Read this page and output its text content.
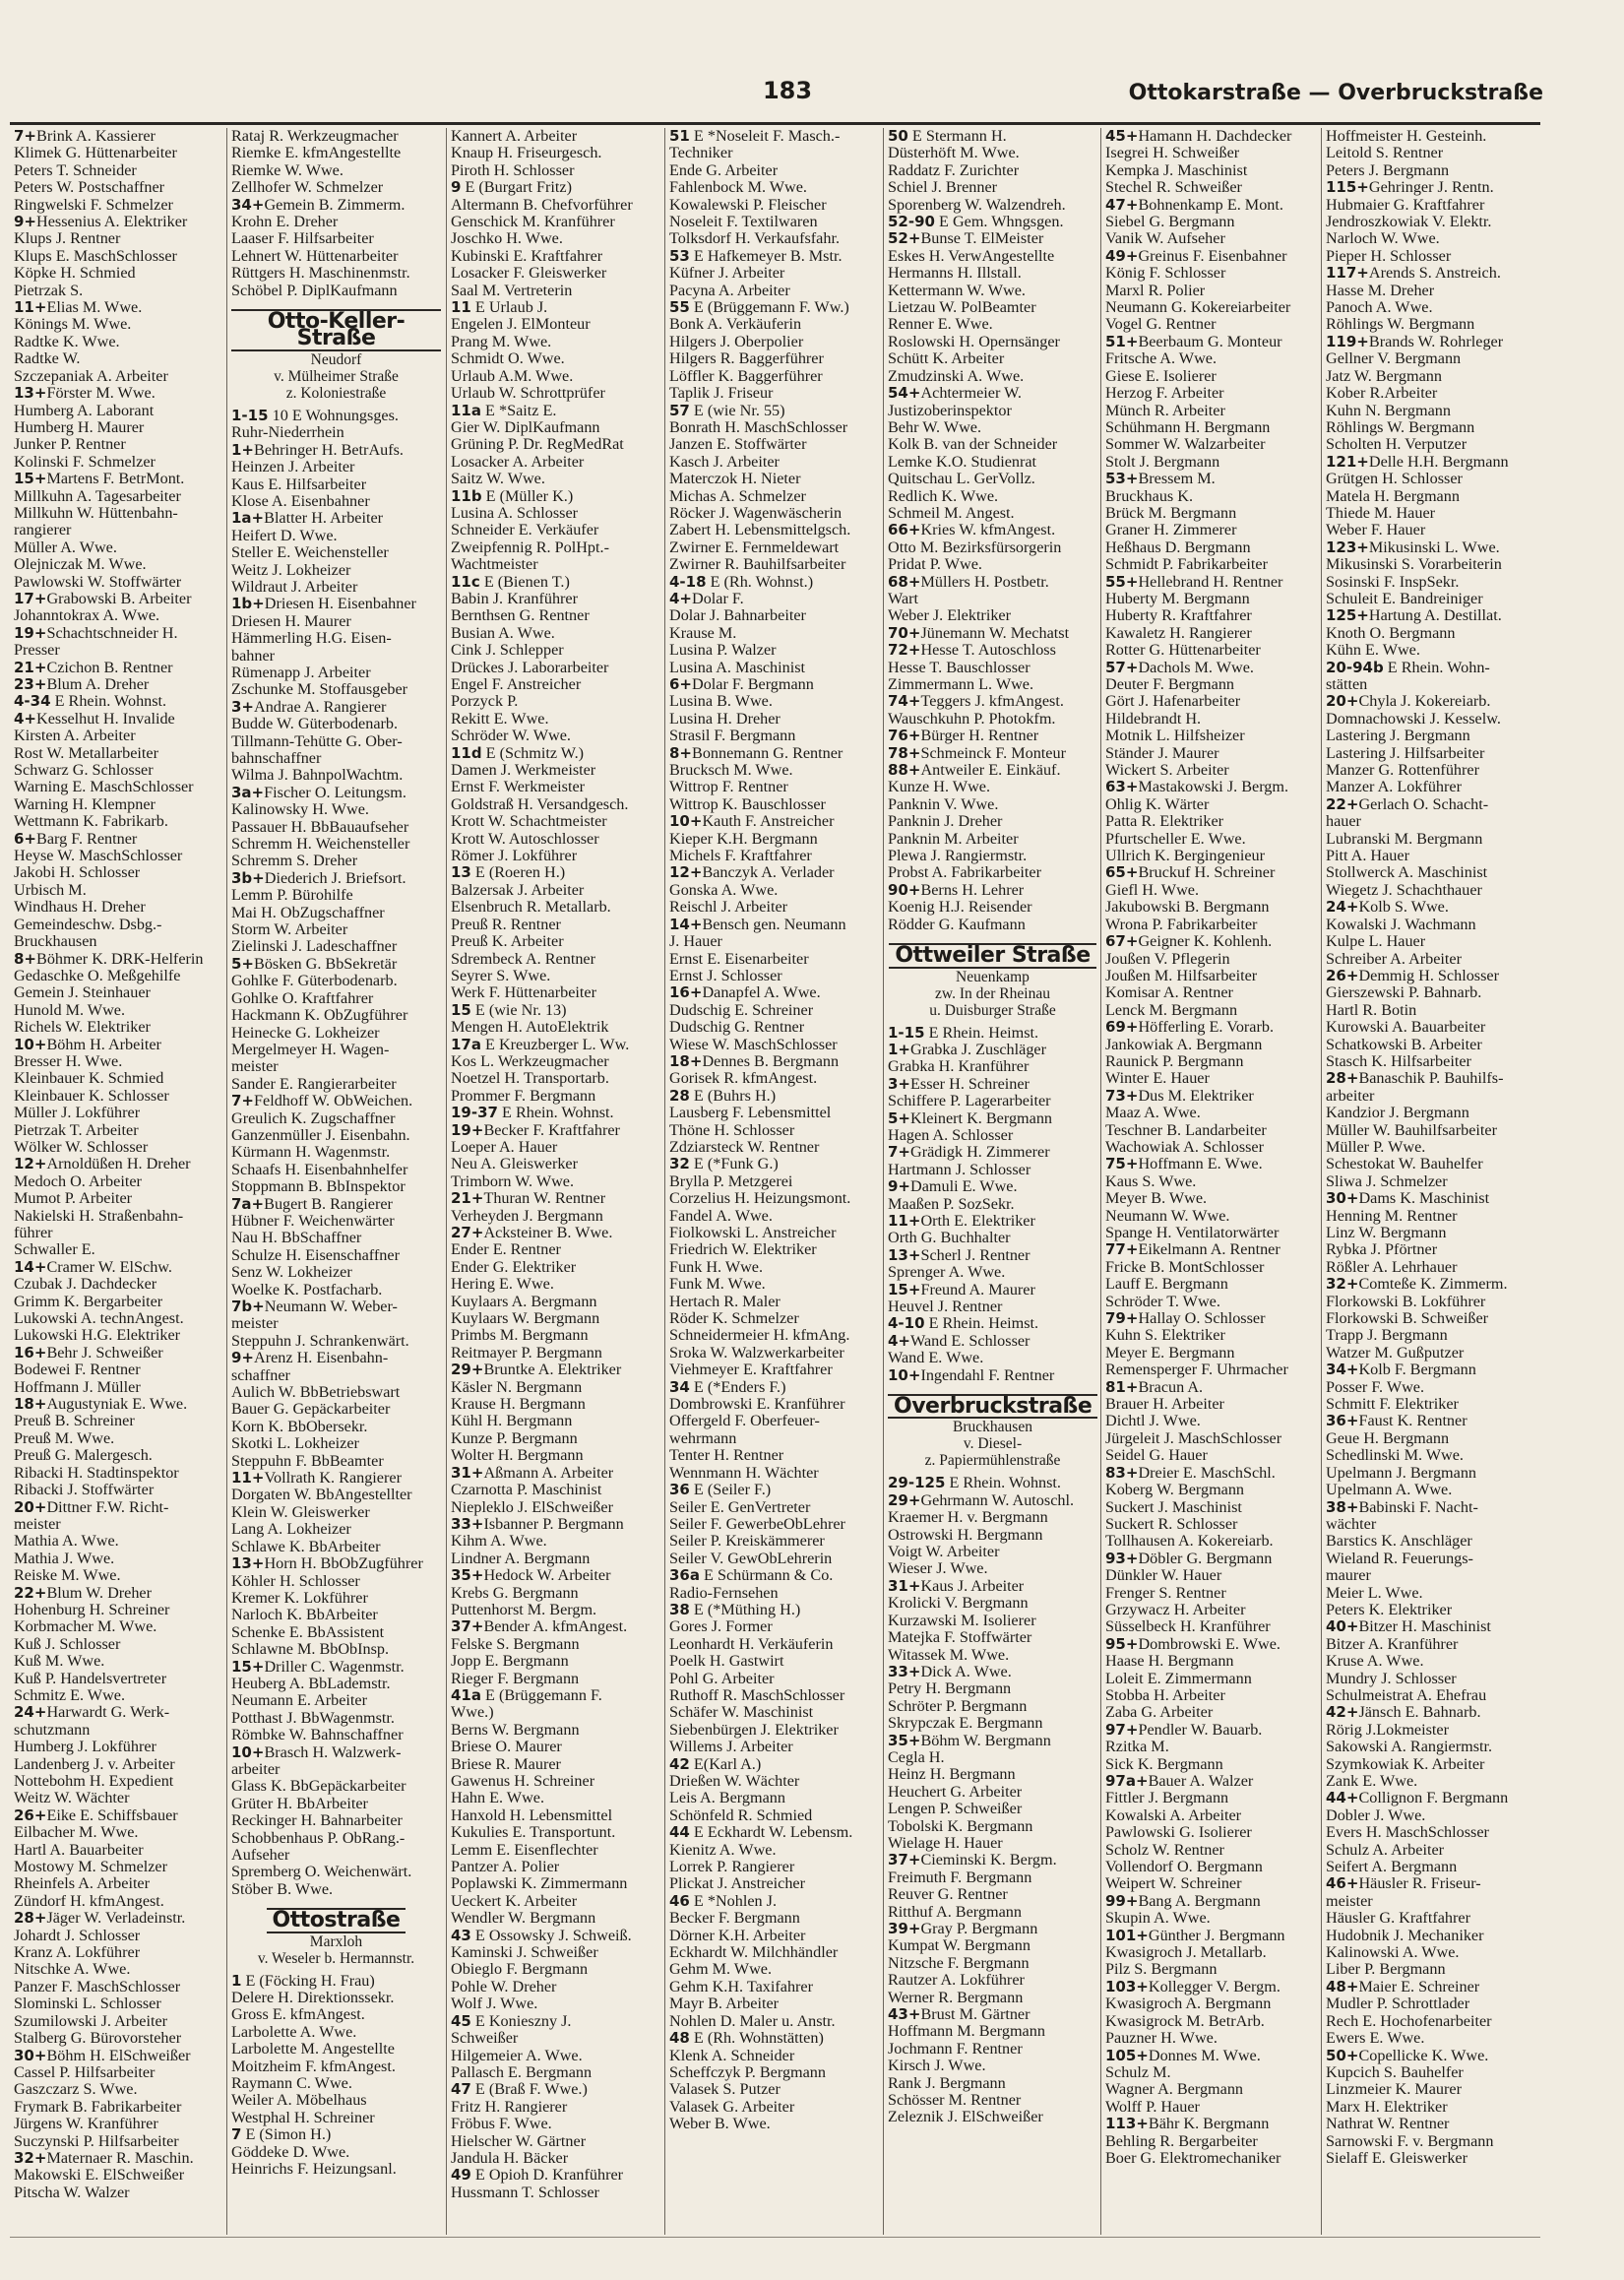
183	Ottokarstraße — Overbruckstraße
7+Brink A. Kassierer
Klimek G. Hüttenarbeiter
Peters T. Schneider
Peters W. Postschaffner
Ringwelski F. Schmelzer
9+Hessenius A. Elektriker
Klups J. Rentner
Klups E. MaschSchlosser
Köpke H. Schmied
Pietrzak S.
11+Elias M. Wwe.
Könings M. Wwe.
Radtke K. Wwe.
Radtke W.
Szczepaniak A. Arbeiter
13+Förster M. Wwe.
Humberg A. Laborant
Humberg H. Maurer
Junker P. Rentner
Kolinski F. Schmelzer
15+Martens F. BetrMont.
Millkuhn A. Tagesarbeiter
Millkuhn W. Hüttenbahn-
rangierer
Müller A. Wwe.
Olejniczak M. Wwe.
Pawlowski W. Stoffwärter
17+Grabowski B. Arbeiter
Johanntokrax A. Wwe.
19+Schachtschneider H.
Presser
21+Czichon B. Rentner
23+Blum A. Dreher
4-34 E Rhein. Wohnst.
4+Kesselhut H. Invalide
Kirsten A. Arbeiter
Rost W. Metallarbeiter
Schwarz G. Schlosser
Warning E. MaschSchlosser
Warning H. Klempner
Wettmann K. Fabrikarb.
6+Barg F. Rentner
Heyse W. MaschSchlosser
Jakobi H. Schlosser
Urbisch M.
Windhaus H. Dreher
Gemeindeschw. Dsbg.-
Bruckhausen
8+Böhmer K. DRK-Helferin
Gedaschke O. Meßgehilfe
Gemein J. Steinhauer
Hunold M. Wwe.
Richels W. Elektriker
10+Böhm H. Arbeiter
Bresser H. Wwe.
Kleinbauer K. Schmied
Kleinbauer K. Schlosser
Müller J. Lokführer
Pietrzak T. Arbeiter
Wölker W. Schlosser
12+Arnoldüßen H. Dreher
Medoch O. Arbeiter
Mumot P. Arbeiter
Nakielski H. Straßenbahn-
führer
Schwaller E.
14+Cramer W. ElSchw.
Czubak J. Dachdecker
Grimm K. Bergarbeiter
Lukowski A. technAngest.
Lukowski H.G. Elektriker
16+Behr J. Schweißer
Bodewei F. Rentner
Hoffmann J. Müller
18+Augustyniak E. Wwe.
Preuß B. Schreiner
Preuß M. Wwe.
Preuß G. Malergesch.
Ribacki H. Stadtinspektor
Ribacki J. Stoffwärter
20+Dittner F.W. Richt-
meister
Mathia A. Wwe.
Mathia J. Wwe.
Reiske M. Wwe.
22+Blum W. Dreher
Hohenburg H. Schreiner
Korbmacher M. Wwe.
Kuß J. Schlosser
Kuß M. Wwe.
Kuß P. Handelsvertreter
Schmitz E. Wwe.
24+Harwardt G. Werk-
schutzmann
Humberg J. Lokführer
Landenberg J. v. Arbeiter
Nottebohm H. Expedient
Weitz W. Wächter
26+Eike E. Schiffsbauer
Eilbacher M. Wwe.
Hartl A. Bauarbeiter
Mostowy M. Schmelzer
Rheinfels A. Arbeiter
Zündorf H. kfmAngest.
28+Jäger W. Verladeinstr.
Johardt J. Schlosser
Kranz A. Lokführer
Nitschke A. Wwe.
Panzer F. MaschSchlosser
Slominski L. Schlosser
Szumilowski J. Arbeiter
Stalberg G. Bürovorsteher
30+Böhm H. ElSchweißer
Cassel P. Hilfsarbeiter
Gaszczarz S. Wwe.
Frymark B. Fabrikarbeiter
Jürgens W. Kranführer
Suczynski P. Hilfsarbeiter
32+Maternaer R. Maschin.
Makowski E. ElSchweißer
Pitscha W. Walzer
Rataj R. Werkzeugmacher
Riemke E. kfmAngestellte
Riemke W. Wwe.
Zellhofer W. Schmelzer
34+Gemein B. Zimmerm.
Krohn E. Dreher
Laaser F. Hilfsarbeiter
Lehnert W. Hüttenarbeiter
Rüttgers H. Maschinenmstr.
Schöbel P. DiplKaufmann
Otto-Keller-Straße
Neudorf
v. Mülheimer Straße
z. Koloniestraße
1-15 10 E Wohnungsges.
Ruhr-Niederrhein
1+Behringer H. BetrAufs.
Heinzen J. Arbeiter
Kaus E. Hilfsarbeiter
Klose A. Eisenbahner
1a+Blatter H. Arbeiter
Heifert D. Wwe.
Steller E. Weichensteller
Weitz J. Lokheizer
Wildraut J. Arbeiter
1b+Driesen H. Eisenbahner
Driesen H. Maurer
Hämmerling H.G. Eisen-
bahner
Rümenapp J. Arbeiter
Zschunke M. Stoffausgeber
3+Andrae A. Rangierer
Budde W. Güterbodenarb.
Tillmann-Tehütte G. Ober-
bahnschaffner
Wilma J. BahnpolWachtm.
3a+Fischer O. Leitungsm.
Kalinowsky H. Wwe.
Passauer H. BbBauaufseher
Schremm H. Weichensteller
Schremm S. Dreher
3b+Diederich J. Briefsort.
Lemm P. Bürohilfe
Mai H. ObZugschaffner
Storm W. Arbeiter
Zielinski J. Ladeschaffner
5+Bösken G. BbSekretär
Gohlke F. Güterbodenarb.
Gohlke O. Kraftfahrer
Hackmann K. ObZugführer
Heinecke G. Lokheizer
Mergelmeyer H. Wagen-
meister
Sander E. Rangierarbeiter
7+Feldhoff W. ObWeichen.
Greulich K. Zugschaffner
Ganzenmüller J. Eisenbahn.
Kürmann H. Wagenmstr.
Schaafs H. Eisenbahnhelfer
Stoppmann B. BbInspektor
7a+Bugert B. Rangierer
Hübner F. Weichenwärter
Nau H. BbSchaffner
Schulze H. Eisenschaffner
Senz W. Lokheizer
Woelke K. Postfacharb.
7b+Neumann W. Weber-
meister
Steppuhn J. Schrankenwärt.
9+Arenz H. Eisenbahn-
schaffner
Aulich W. BbBetriebswart
Bauer G. Gepäckarbeiter
Korn K. BbObersekr.
Skotki L. Lokheizer
Steppuhn F. BbBeamter
11+Vollrath K. Rangierer
Dorgaten W. BbAngestellter
Klein W. Gleiswerker
Lang A. Lokheizer
Schlawe K. BbArbeiter
13+Horn H. BbObZugführer
Köhler H. Schlosser
Kremer K. Lokführer
Narloch K. BbArbeiter
Schenke E. BbAssistent
Schlawne M. BbObInsp.
15+Driller C. Wagenmstr.
Heuberg A. BbLademstr.
Neumann E. Arbeiter
Potthast J. BbWagenmstr.
Römbke W. Bahnschaffner
10+Brasch H. Walzwerk-
arbeiter
Glass K. BbGepäckarbeiter
Grüter H. BbArbeiter
Reckinger H. Bahnarbeiter
Schobbenhaus P. ObRang.-
Aufseher
Spremberg O. Weichenwärt.
Stöber B. Wwe.
Ottostraße
Marxloh
v. Weseler b. Hermannstr.
1 E (Föcking H. Frau)
Delere H. Direktionssekr.
Gross E. kfmAngest.
Larbolette A. Wwe.
Larbolette M. Angestellte
Moitzheim F. kfmAngest.
Raymann C. Wwe.
Weiler A. Möbelhaus
Westphal H. Schreiner
7 E (Simon H.)
Göddeke D. Wwe.
Heinrichs F. Heizungsanl.
Kannert A. Arbeiter
Knaup H. Friseurgesch.
Piroth H. Schlosser
9 E (Burgart Fritz)
Altermann B. Chefvorführer
Genschick M. Kranführer
Joschko H. Wwe.
Kubinski E. Kraftfahrer
Losacker F. Gleiswerker
Saal M. Vertreterin
11 E Urlaub J.
Engelen J. ElMonteur
Prang M. Wwe.
Schmidt O. Wwe.
Urlaub A.M. Wwe.
Urlaub W. Schrottprüfer
11a E *Saitz E.
Gier W. DiplKaufmann
Grüning P. Dr. RegMedRat
Losacker A. Arbeiter
Saitz W. Wwe.
11b E (Müller K.)
Lusina A. Schlosser
Schneider E. Verkäufer
Zweipfennig R. PolHpt.-
Wachtmeister
11c E (Bienen T.)
Babin J. Kranführer
Bernthsen G. Rentner
Busian A. Wwe.
Cink J. Schlepper
Drückes J. Laborarbeiter
Engel F. Anstreicher
Porzyck P.
Rekitt E. Wwe.
Schröder W. Wwe.
11d E (Schmitz W.)
Damen J. Werkmeister
Ernst F. Werkmeister
Goldstraß H. Versandgesch.
Krott W. Schachtmeister
Krott W. Autoschlosser
Römer J. Lokführer
13 E (Roeren H.)
Balzersak J. Arbeiter
Elsenbruch R. Metallarb.
Preuß R. Rentner
Preuß K. Arbeiter
Sdrembeck A. Rentner
Seyrer S. Wwe.
Werk F. Hüttenarbeiter
15 E (wie Nr. 13)
Mengen H. AutoElektrik
17a E Kreuzberger L. Ww.
Kos L. Werkzeugmacher
Noetzel H. Transportarb.
Prommer F. Bergmann
19-37 E Rhein. Wohnst.
19+Becker F. Kraftfahrer
Loeper A. Hauer
Neu A. Gleiswerker
Trimborn W. Wwe.
21+Thuran W. Rentner
Verheyden J. Bergmann
27+Acksteiner B. Wwe.
Ender E. Rentner
Ender G. Elektriker
Hering E. Wwe.
Kuylaars A. Bergmann
Kuylaars W. Bergmann
Primbs M. Bergmann
Reitmayer P. Bergmann
29+Bruntke A. Elektriker
Käsler N. Bergmann
Krause H. Bergmann
Kühl H. Bergmann
Kunze P. Bergmann
Wolter H. Bergmann
31+Aßmann A. Arbeiter
Czarnotta P. Maschinist
Niepleklo J. ElSchweißer
33+Isbanner P. Bergmann
Kihm A. Wwe.
Lindner A. Bergmann
35+Hedock W. Arbeiter
Krebs G. Bergmann
Puttenhorst M. Bergm.
37+Bender A. kfmAngest.
Felske S. Bergmann
Jopp E. Bergmann
Rieger F. Bergmann
41a E (Brüggemann F.
Wwe.)
Berns W. Bergmann
Briese O. Maurer
Briese R. Maurer
Gawenus H. Schreiner
Hahn E. Wwe.
Hanxold H. Lebensmittel
Kukulies E. Transportunt.
Lemm E. Eisenflechter
Pantzer A. Polier
Poplawski K. Zimmermann
Ueckert K. Arbeiter
Wendler W. Bergmann
43 E Ossowsky J. Schweiß.
Kaminski J. Schweißer
Obieglo F. Bergmann
Pohle W. Dreher
Wolf J. Wwe.
45 E Konieszny J.
Schweißer
Hilgemeier A. Wwe.
Pallasch E. Bergmann
47 E (Braß F. Wwe.)
Fritz H. Rangierer
Fröbus F. Wwe.
Hielscher W. Gärtner
Jandula H. Bäcker
49 E Opioh D. Kranführer
Hussmann T. Schlosser
51 E *Noseleit F. Masch.-
Techniker
Ende G. Arbeiter
Fahlenbock M. Wwe.
Kowalewski P. Fleischer
Noseleit F. Textilwaren
Tolksdorf H. Verkaufsfahr.
53 E Hafkemeyer B. Mstr.
Küfner J. Arbeiter
Pacyna A. Arbeiter
55 E (Brüggemann F. Ww.)
Bonk A. Verkäuferin
Hilgers J. Oberpolier
Hilgers R. Baggerführer
Löffler K. Baggerführer
Taplik J. Friseur
57 E (wie Nr. 55)
Bonrath H. MaschSchlosser
Janzen E. Stoffwärter
Kasch J. Arbeiter
Materczok H. Nieter
Michas A. Schmelzer
Röcker J. Wagenwäscherin
Zabert H. Lebensmittelgsch.
Zwirner E. Fernmeldewart
Zwirner R. Bauhilfsarbeiter
4-18 E (Rh. Wohnst.)
4+Dolar F.
Dolar J. Bahnarbeiter
Krause M.
Lusina P. Walzer
Lusina A. Maschinist
6+Dolar F. Bergmann
Lusina B. Wwe.
Lusina H. Dreher
Strasil F. Bergmann
8+Bonnemann G. Rentner
Brucksch M. Wwe.
Wittrop F. Rentner
Wittrop K. Bauschlosser
10+Kauth F. Anstreicher
Kieper K.H. Bergmann
Michels F. Kraftfahrer
12+Banczyk A. Verlader
Gonska A. Wwe.
Reischl J. Arbeiter
14+Bensch gen. Neumann
J. Hauer
Ernst E. Eisenarbeiter
Ernst J. Schlosser
16+Danapfel A. Wwe.
Dudschig E. Schreiner
Dudschig G. Rentner
Wiese W. MaschSchlosser
18+Dennes B. Bergmann
Gorisek R. kfmAngest.
28 E (Buhrs H.)
Lausberg F. Lebensmittel
Thöne H. Schlosser
Zdziarsteck W. Rentner
32 E (*Funk G.)
Brylla P. Metzgerei
Corzelius H. Heizungsmont.
Fandel A. Wwe.
Fiolkowski L. Anstreicher
Friedrich W. Elektriker
Funk H. Wwe.
Funk M. Wwe.
Hertach R. Maler
Röder K. Schmelzer
Schneidermeier H. kfmAng.
Sroka W. Walzwerkarbeiter
Viehmeyer E. Kraftfahrer
34 E (*Enders F.)
Dombrowski E. Kranführer
Offergeld F. Oberfeuer-
wehrmann
Tenter H. Rentner
Wennmann H. Wächter
36 E (Seiler F.)
Seiler E. GenVertreter
Seiler F. GewerbeObLehrer
Seiler P. Kreiskämmerer
Seiler V. GewObLehrerin
36a E Schürmann & Co.
Radio-Fernsehen
38 E (*Müthing H.)
Gores J. Former
Leonhardt H. Verkäuferin
Poelk H. Gastwirt
Pohl G. Arbeiter
Ruthoff R. MaschSchlosser
Schäfer W. Maschinist
Siebenbürgen J. Elektriker
Willems J. Arbeiter
42 E(Karl A.)
Drießen W. Wächter
Leis A. Bergmann
Schönfeld R. Schmied
44 E Eckhardt W. Lebensm.
Kienitz A. Wwe.
Lorrek P. Rangierer
Plickat J. Anstreicher
46 E *Nohlen J.
Becker F. Bergmann
Dörner K.H. Arbeiter
Eckhardt W. Milchhändler
Gehm M. Wwe.
Gehm K.H. Taxifahrer
Mayr B. Arbeiter
Nohlen D. Maler u. Anstr.
48 E (Rh. Wohnstätten)
Klenk A. Schneider
Scheffczyk P. Bergmann
Valasek S. Putzer
Valasek G. Arbeiter
Weber B. Wwe.
50 E Stermann H.
Düsterhöft M. Wwe.
Raddatz F. Zurichter
Schiel J. Brenner
Sporenberg W. Walzendreh.
52-90 E Gem. Whngsgen.
52+Bunse T. ElMeister
Eskes H. VerwAngestellte
Hermanns H. Illstall.
Kettermann W. Wwe.
Lietzau W. PolBeamter
Renner E. Wwe.
Roslowski H. Opernsänger
Schütt K. Arbeiter
Zmudzinski A. Wwe.
54+Achtermeier W.
Justizoberinspektor
Behr W. Wwe.
Kolk B. van der Schneider
Lemke K.O. Studienrat
Quitschau L. GerVollz.
Redlich K. Wwe.
Schmeil M. Angest.
66+Kries W. kfmAngest.
Otto M. Bezirksfürsorgerin
Pridat P. Wwe.
68+Müllers H. Postbetr.
Wart
Weber J. Elektriker
70+Jünemann W. Mechatst
72+Hesse T. Autoschloss
Hesse T. Bauschlosser
Zimmermann L. Wwe.
74+Teggers J. kfmAngest.
Wauschkuhn P. Photokfm.
76+Bürger H. Rentner
78+Schmeinck F. Monteur
88+Antweiler E. Einkäuf.
Kunze H. Wwe.
Panknin V. Wwe.
Panknin J. Dreher
Panknin M. Arbeiter
Plewa J. Rangiermstr.
Probst A. Fabrikarbeiter
90+Berns H. Lehrer
Koenig H.J. Reisender
Rödder G. Kaufmann
Ottweiler Straße
Neuenkamp
zw. In der Rheinau
u. Duisburger Straße
1-15 E Rhein. Heimst.
1+Grabka J. Zuschläger
Grabka H. Kranführer
3+Esser H. Schreiner
Schiffere P. Lagerarbeiter
5+Kleinert K. Bergmann
Hagen A. Schlosser
7+Grädigk H. Zimmerer
Hartmann J. Schlosser
9+Damuli E. Wwe.
Maaßen P. SozSekr.
11+Orth E. Elektriker
Orth G. Buchhalter
13+Scherl J. Rentner
Sprenger A. Wwe.
15+Freund A. Maurer
Heuvel J. Rentner
4-10 E Rhein. Heimst.
4+Wand E. Schlosser
Wand E. Wwe.
10+Ingendahl F. Rentner
Overbruckstraße
Bruckhausen
v. Diesel-
z. Papiermühlenstraße
29-125 E Rhein. Wohnst.
29+Gehrmann W. Autoschl.
Kraemer H. v. Bergmann
Ostrowski H. Bergmann
Voigt W. Arbeiter
Wieser J. Wwe.
31+Kaus J. Arbeiter
Krolicki V. Bergmann
Kurzawski M. Isolierer
Matejka F. Stoffwärter
Witassek M. Wwe.
33+Dick A. Wwe.
Petry H. Bergmann
Schröter P. Bergmann
Skrypczak E. Bergmann
35+Böhm W. Bergmann
Cegla H.
Heinz H. Bergmann
Heuchert G. Arbeiter
Lengen P. Schweißer
Tobolski K. Bergmann
Wielage H. Hauer
37+Cieminski K. Bergm.
Freimuth F. Bergmann
Reuver G. Rentner
Ritthuf A. Bergmann
39+Gray P. Bergmann
Kumpat W. Bergmann
Nitzsche F. Bergmann
Rautzer A. Lokführer
Werner R. Bergmann
43+Brust M. Gärtner
Hoffmann M. Bergmann
Jochmann F. Rentner
Kirsch J. Wwe.
Rank J. Bergmann
Schösser M. Rentner
Zeleznik J. ElSchweißer
45+Hamann H. Dachdecker
Isegrei H. Schweißer
Kempka J. Maschinist
Stechel R. Schweißer
47+Bohnenkamp E. Mont.
Siebel G. Bergmann
Vanik W. Aufseher
49+Greinus F. Eisenbahner
König F. Schlosser
Marxl R. Polier
Neumann G. Kokereiarbeiter
Vogel G. Rentner
51+Beerbaum G. Monteur
Fritsche A. Wwe.
Giese E. Isolierer
Herzog F. Arbeiter
Münch R. Arbeiter
Schühmann H. Bergmann
Sommer W. Walzarbeiter
Stolt J. Bergmann
53+Bressem M.
Bruckhaus K.
Brück M. Bergmann
Graner H. Zimmerer
Heßhaus D. Bergmann
Schmidt P. Fabrikarbeiter
55+Hellebrand H. Rentner
Huberty M. Bergmann
Huberty R. Kraftfahrer
Kawaletz H. Rangierer
Rotter G. Hüttenarbeiter
57+Dachols M. Wwe.
Deuter F. Bergmann
Gört J. Hafenarbeiter
Hildebrandt H.
Motnik L. Hilfsheizer
Ständer J. Maurer
Wickert S. Arbeiter
63+Mastakowski J. Bergm.
Ohlig K. Wärter
Patta R. Elektriker
Pfurtscheller E. Wwe.
Ullrich K. Bergingenieur
65+Bruckuf H. Schreiner
Giefl H. Wwe.
Jakubowski B. Bergmann
Wrona P. Fabrikarbeiter
67+Geigner K. Kohlenh.
Joußen V. Pflegerin
Joußen M. Hilfsarbeiter
Komisar A. Rentner
Lenck M. Bergmann
69+Höfferling E. Vorarb.
Jankowiak A. Bergmann
Raunick P. Bergmann
Winter E. Hauer
73+Dus M. Elektriker
Maaz A. Wwe.
Teschner B. Landarbeiter
Wachowiak A. Schlosser
75+Hoffmann E. Wwe.
Kaus S. Wwe.
Meyer B. Wwe.
Neumann W. Wwe.
Spange H. Ventilatorwärter
77+Eikelmann A. Rentner
Fricke B. MontSchlosser
Lauff E. Bergmann
Schröder T. Wwe.
79+Hallay O. Schlosser
Kuhn S. Elektriker
Meyer E. Bergmann
Remensperger F. Uhrmacher
81+Bracun A.
Brauer H. Arbeiter
Dichtl J. Wwe.
Jürgeleit J. MaschSchlosser
Seidel G. Hauer
83+Dreier E. MaschSchl.
Koberg W. Bergmann
Suckert J. Maschinist
Suckert R. Schlosser
Tollhausen A. Kokereiarb.
93+Döbler G. Bergmann
Dünkler W. Hauer
Frenger S. Rentner
Grzywacz H. Arbeiter
Süsselbeck H. Kranführer
95+Dombrowski E. Wwe.
Haase H. Bergmann
Loleit E. Zimmermann
Stobba H. Arbeiter
Zaba G. Arbeiter
97+Pendler W. Bauarb.
Rzitka M.
Sick K. Bergmann
97a+Bauer A. Walzer
Fittler J. Bergmann
Kowalski A. Arbeiter
Pawlowski G. Isolierer
Scholz W. Rentner
Vollendorf O. Bergmann
Weipert W. Schreiner
99+Bang A. Bergmann
Skupin A. Wwe.
101+Günther J. Bergmann
Kwasigroch J. Metallarb.
Pilz S. Bergmann
103+Kollegger V. Bergm.
Kwasigroch A. Bergmann
Kwasigrock M. BetrArb.
Pauzner H. Wwe.
105+Donnes M. Wwe.
Schulz M.
Wagner A. Bergmann
Wolff P. Hauer
113+Bähr K. Bergmann
Behling R. Bergarbeiter
Boer G. Elektromechaniker
Hoffmeister H. Gesteinh.
Leitold S. Rentner
Peters J. Bergmann
115+Gehringer J. Rentn.
Hubmaier G. Kraftfahrer
Jendroszkowiak V. Elektr.
Narloch W. Wwe.
Pieper H. Schlosser
117+Arends S. Anstreich.
Hasse M. Dreher
Panoch A. Wwe.
Röhlings W. Bergmann
119+Brands W. Rohrleger
Gellner V. Bergmann
Jatz W. Bergmann
Kober R.Arbeiter
Kuhn N. Bergmann
Röhlings W. Bergmann
Scholten H. Verputzer
121+Delle H.H. Bergmann
Grütgen H. Schlosser
Matela H. Bergmann
Thiede M. Hauer
Weber F. Hauer
123+Mikusinski L. Wwe.
Mikusinski S. Vorarbeiterin
Sosinski F. InspSekr.
Schuleit E. Bandreiniger
125+Hartung A. Destillat.
Knoth O. Bergmann
Kühn E. Wwe.
20-94b E Rhein. Wohn-
stätten
20+Chyla J. Kokereiarb.
Domnachowski J. Kesselw.
Lastering J. Bergmann
Lastering J. Hilfsarbeiter
Manzer G. Rottenführer
Manzer A. Lokführer
22+Gerlach O. Schacht-
hauer
Lubranski M. Bergmann
Pitt A. Hauer
Stollwerck A. Maschinist
Wiegetz J. Schachthauer
24+Kolb S. Wwe.
Kowalski J. Wachmann
Kulpe L. Hauer
Schreiber A. Arbeiter
26+Demmig H. Schlosser
Gierszewski P. Bahnarb.
Hartl R. Botin
Kurowski A. Bauarbeiter
Schatkowski B. Arbeiter
Stasch K. Hilfsarbeiter
28+Banaschik P. Bauhilfs-
arbeiter
Kandzior J. Bergmann
Müller W. Bauhilfsarbeiter
Müller P. Wwe.
Schestokat W. Bauhelfer
Sliwa J. Schmelzer
30+Dams K. Maschinist
Henning M. Rentner
Linz W. Bergmann
Rybka J. Pförtner
Rößler A. Lehrhauer
32+Comteße K. Zimmerm.
Florkowski B. Lokführer
Florkowski B. Schweißer
Trapp J. Bergmann
Watzer M. Gußputzer
34+Kolb F. Bergmann
Posser F. Wwe.
Schmitt F. Elektriker
36+Faust K. Rentner
Geue H. Bergmann
Schedlinski M. Wwe.
Upelmann J. Bergmann
Upelmann A. Wwe.
38+Babinski F. Nacht-
wächter
Barstics K. Anschläger
Wieland R. Feuerungs-
maurer
Meier L. Wwe.
Peters K. Elektriker
40+Bitzer H. Maschinist
Bitzer A. Kranführer
Kruse A. Wwe.
Mundry J. Schlosser
Schulmeistrat A. Ehefrau
42+Jänsch E. Bahnarb.
Rörig J.Lokmeister
Sakowski A. Rangiermstr.
Szymkowiak K. Arbeiter
Zank E. Wwe.
44+Collignon F. Bergmann
Dobler J. Wwe.
Evers H. MaschSchlosser
Schulz A. Arbeiter
Seifert A. Bergmann
46+Häusler R. Friseur-
meister
Häusler G. Kraftfahrer
Hudobnik J. Mechaniker
Kalinowski A. Wwe.
Liber P. Bergmann
48+Maier E. Schreiner
Mudler P. Schrottlader
Rech E. Hochofenarbeiter
Ewers E. Wwe.
50+Copellicke K. Wwe.
Kupcich S. Bauhelfer
Linzmeier K. Maurer
Marx H. Elektriker
Nathrat W. Rentner
Sarnowski F. v. Bergmann
Sielaff E. Gleiswerker
